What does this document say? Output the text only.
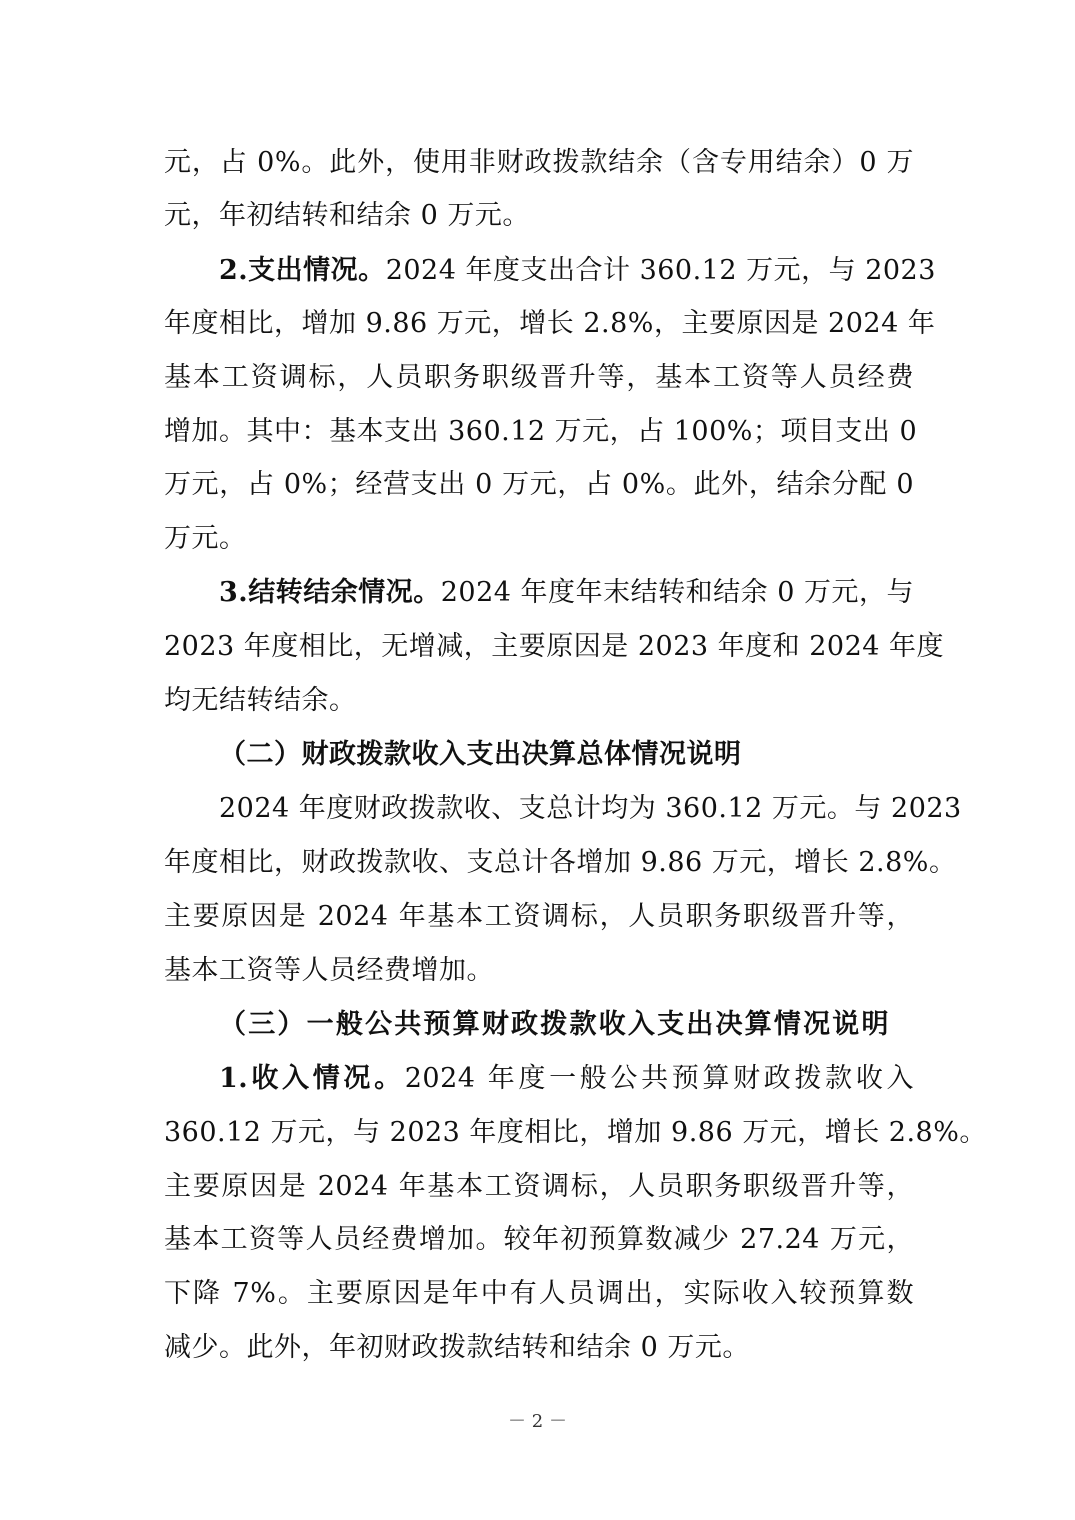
元，占 0%。此外，使用非财政拨款结余（含专用结余）0 万
元，年初结转和结余 0 万元。
2.支出情况。2024 年度支出合计 360.12 万元，与 2023
年度相比，增加 9.86 万元，增长 2.8%，主要原因是 2024 年
基本工资调标，人员职务职级晋升等，基本工资等人员经费
增加。其中：基本支出 360.12 万元，占 100%；项目支出 0
万元，占 0%；经营支出 0 万元，占 0%。此外，结余分配 0
万元。
3.结转结余情况。2024 年度年末结转和结余 0 万元，与
2023 年度相比，无增减，主要原因是 2023 年度和 2024 年度
均无结转结余。
（二）财政拨款收入支出决算总体情况说明
2024 年度财政拨款收、支总计均为 360.12 万元。与 2023
年度相比，财政拨款收、支总计各增加 9.86 万元，增长 2.8%。
主要原因是 2024 年基本工资调标，人员职务职级晋升等，
基本工资等人员经费增加。
（三）一般公共预算财政拨款收入支出决算情况说明
1.收入情况。2024 年度一般公共预算财政拨款收入
360.12 万元，与 2023 年度相比，增加 9.86 万元，增长 2.8%。
主要原因是 2024 年基本工资调标，人员职务职级晋升等，
基本工资等人员经费增加。较年初预算数减少 27.24 万元，
下降 7%。主要原因是年中有人员调出，实际收入较预算数
减少。此外，年初财政拨款结转和结余 0 万元。
－ 2 －
